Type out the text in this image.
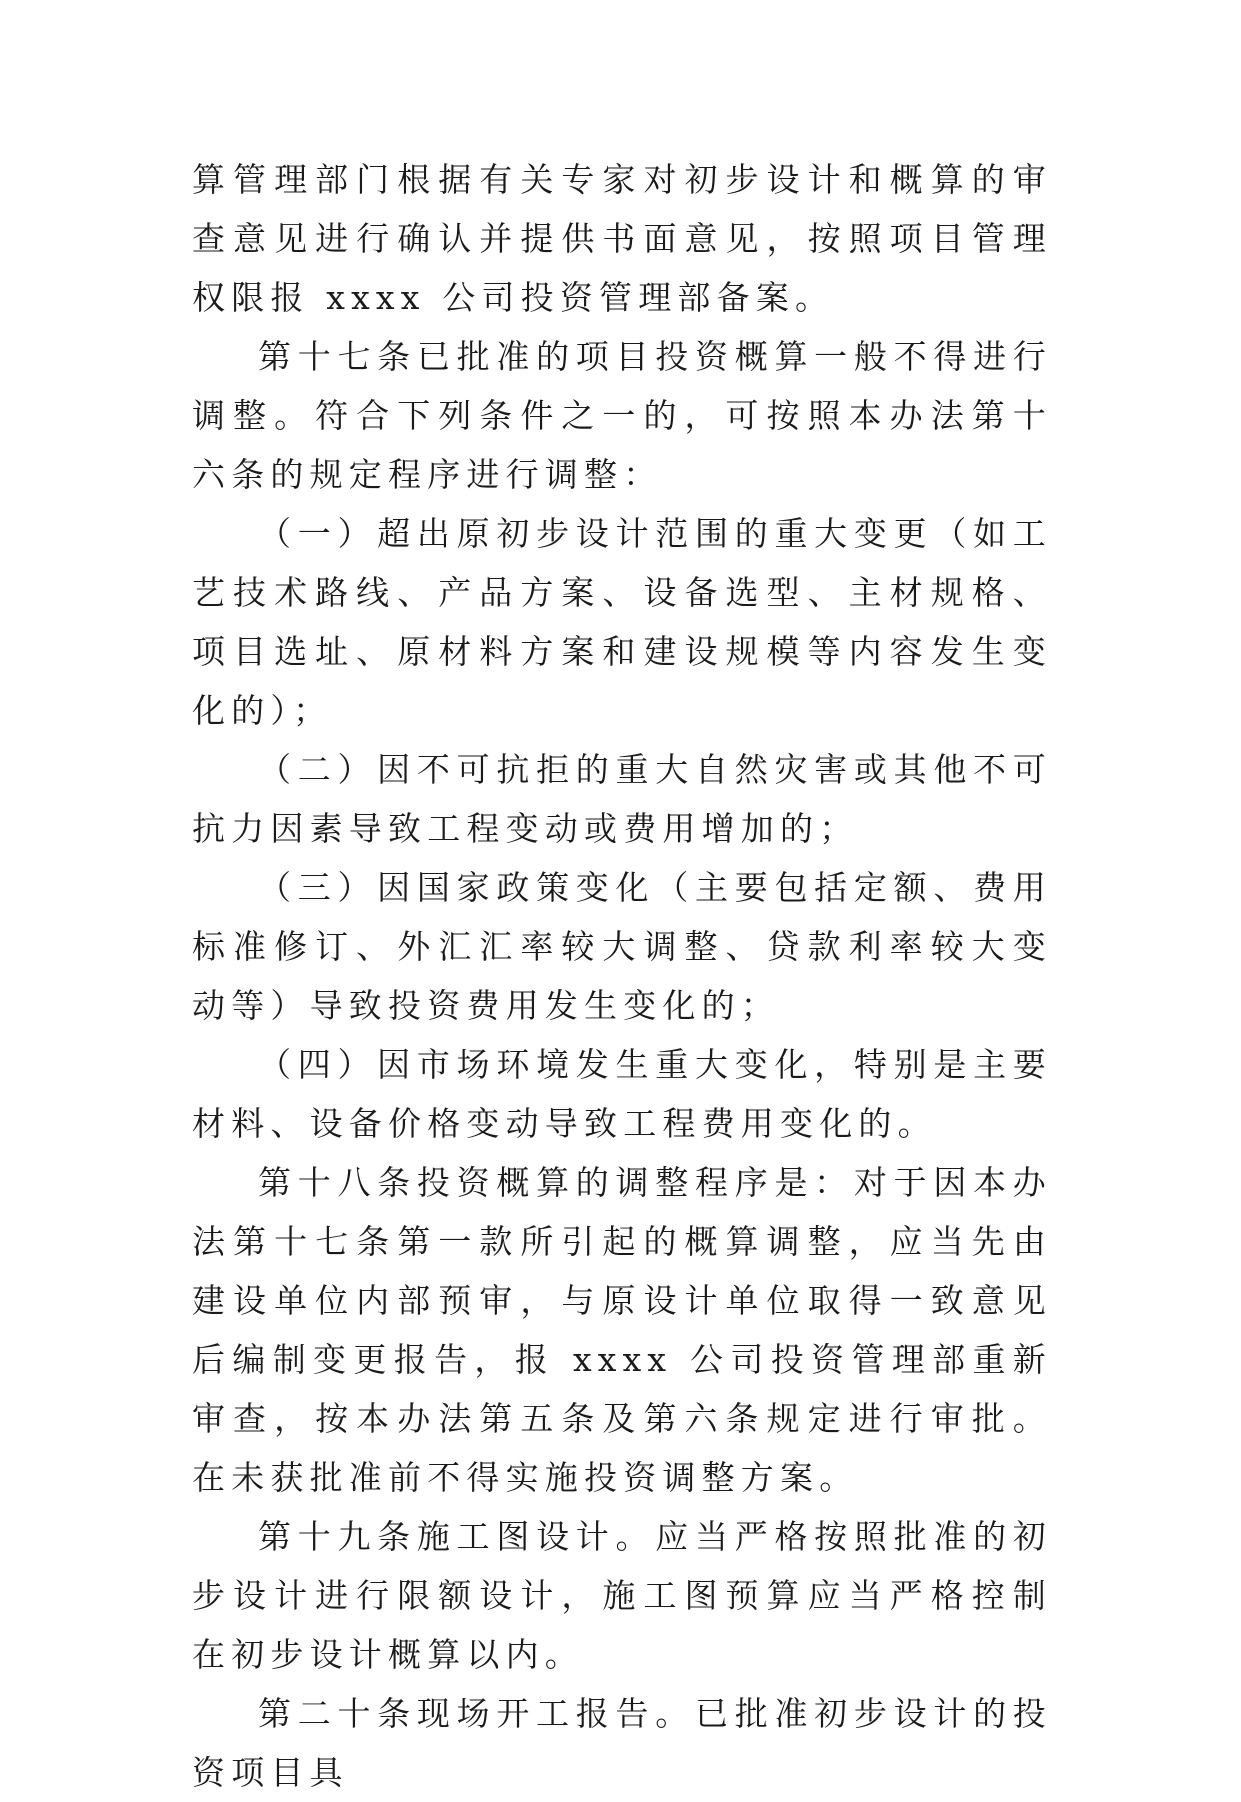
算管理部门根据有关专家对初步设计和概算的审查意见进行确认并提供书面意见，按照项目管理权限报 xxxx 公司投资管理部备案。

第十七条已批准的项目投资概算一般不得进行调整。符合下列条件之一的，可按照本办法第十六条的规定程序进行调整：

（一）超出原初步设计范围的重大变更（如工艺技术路线、产品方案、设备选型、主材规格、项目选址、原材料方案和建设规模等内容发生变化的）；

（二）因不可抗拒的重大自然灾害或其他不可抗力因素导致工程变动或费用增加的；

（三）因国家政策变化（主要包括定额、费用标准修订、外汇汇率较大调整、贷款利率较大变动等）导致投资费用发生变化的；

（四）因市场环境发生重大变化，特别是主要材料、设备价格变动导致工程费用变化的。

第十八条投资概算的调整程序是：对于因本办法第十七条第一款所引起的概算调整，应当先由建设单位内部预审，与原设计单位取得一致意见后编制变更报告，报 xxxx 公司投资管理部重新审查，按本办法第五条及第六条规定进行审批。在未获批准前不得实施投资调整方案。

第十九条施工图设计。应当严格按照批准的初步设计进行限额设计，施工图预算应当严格控制在初步设计概算以内。

第二十条现场开工报告。已批准初步设计的投资项目具
